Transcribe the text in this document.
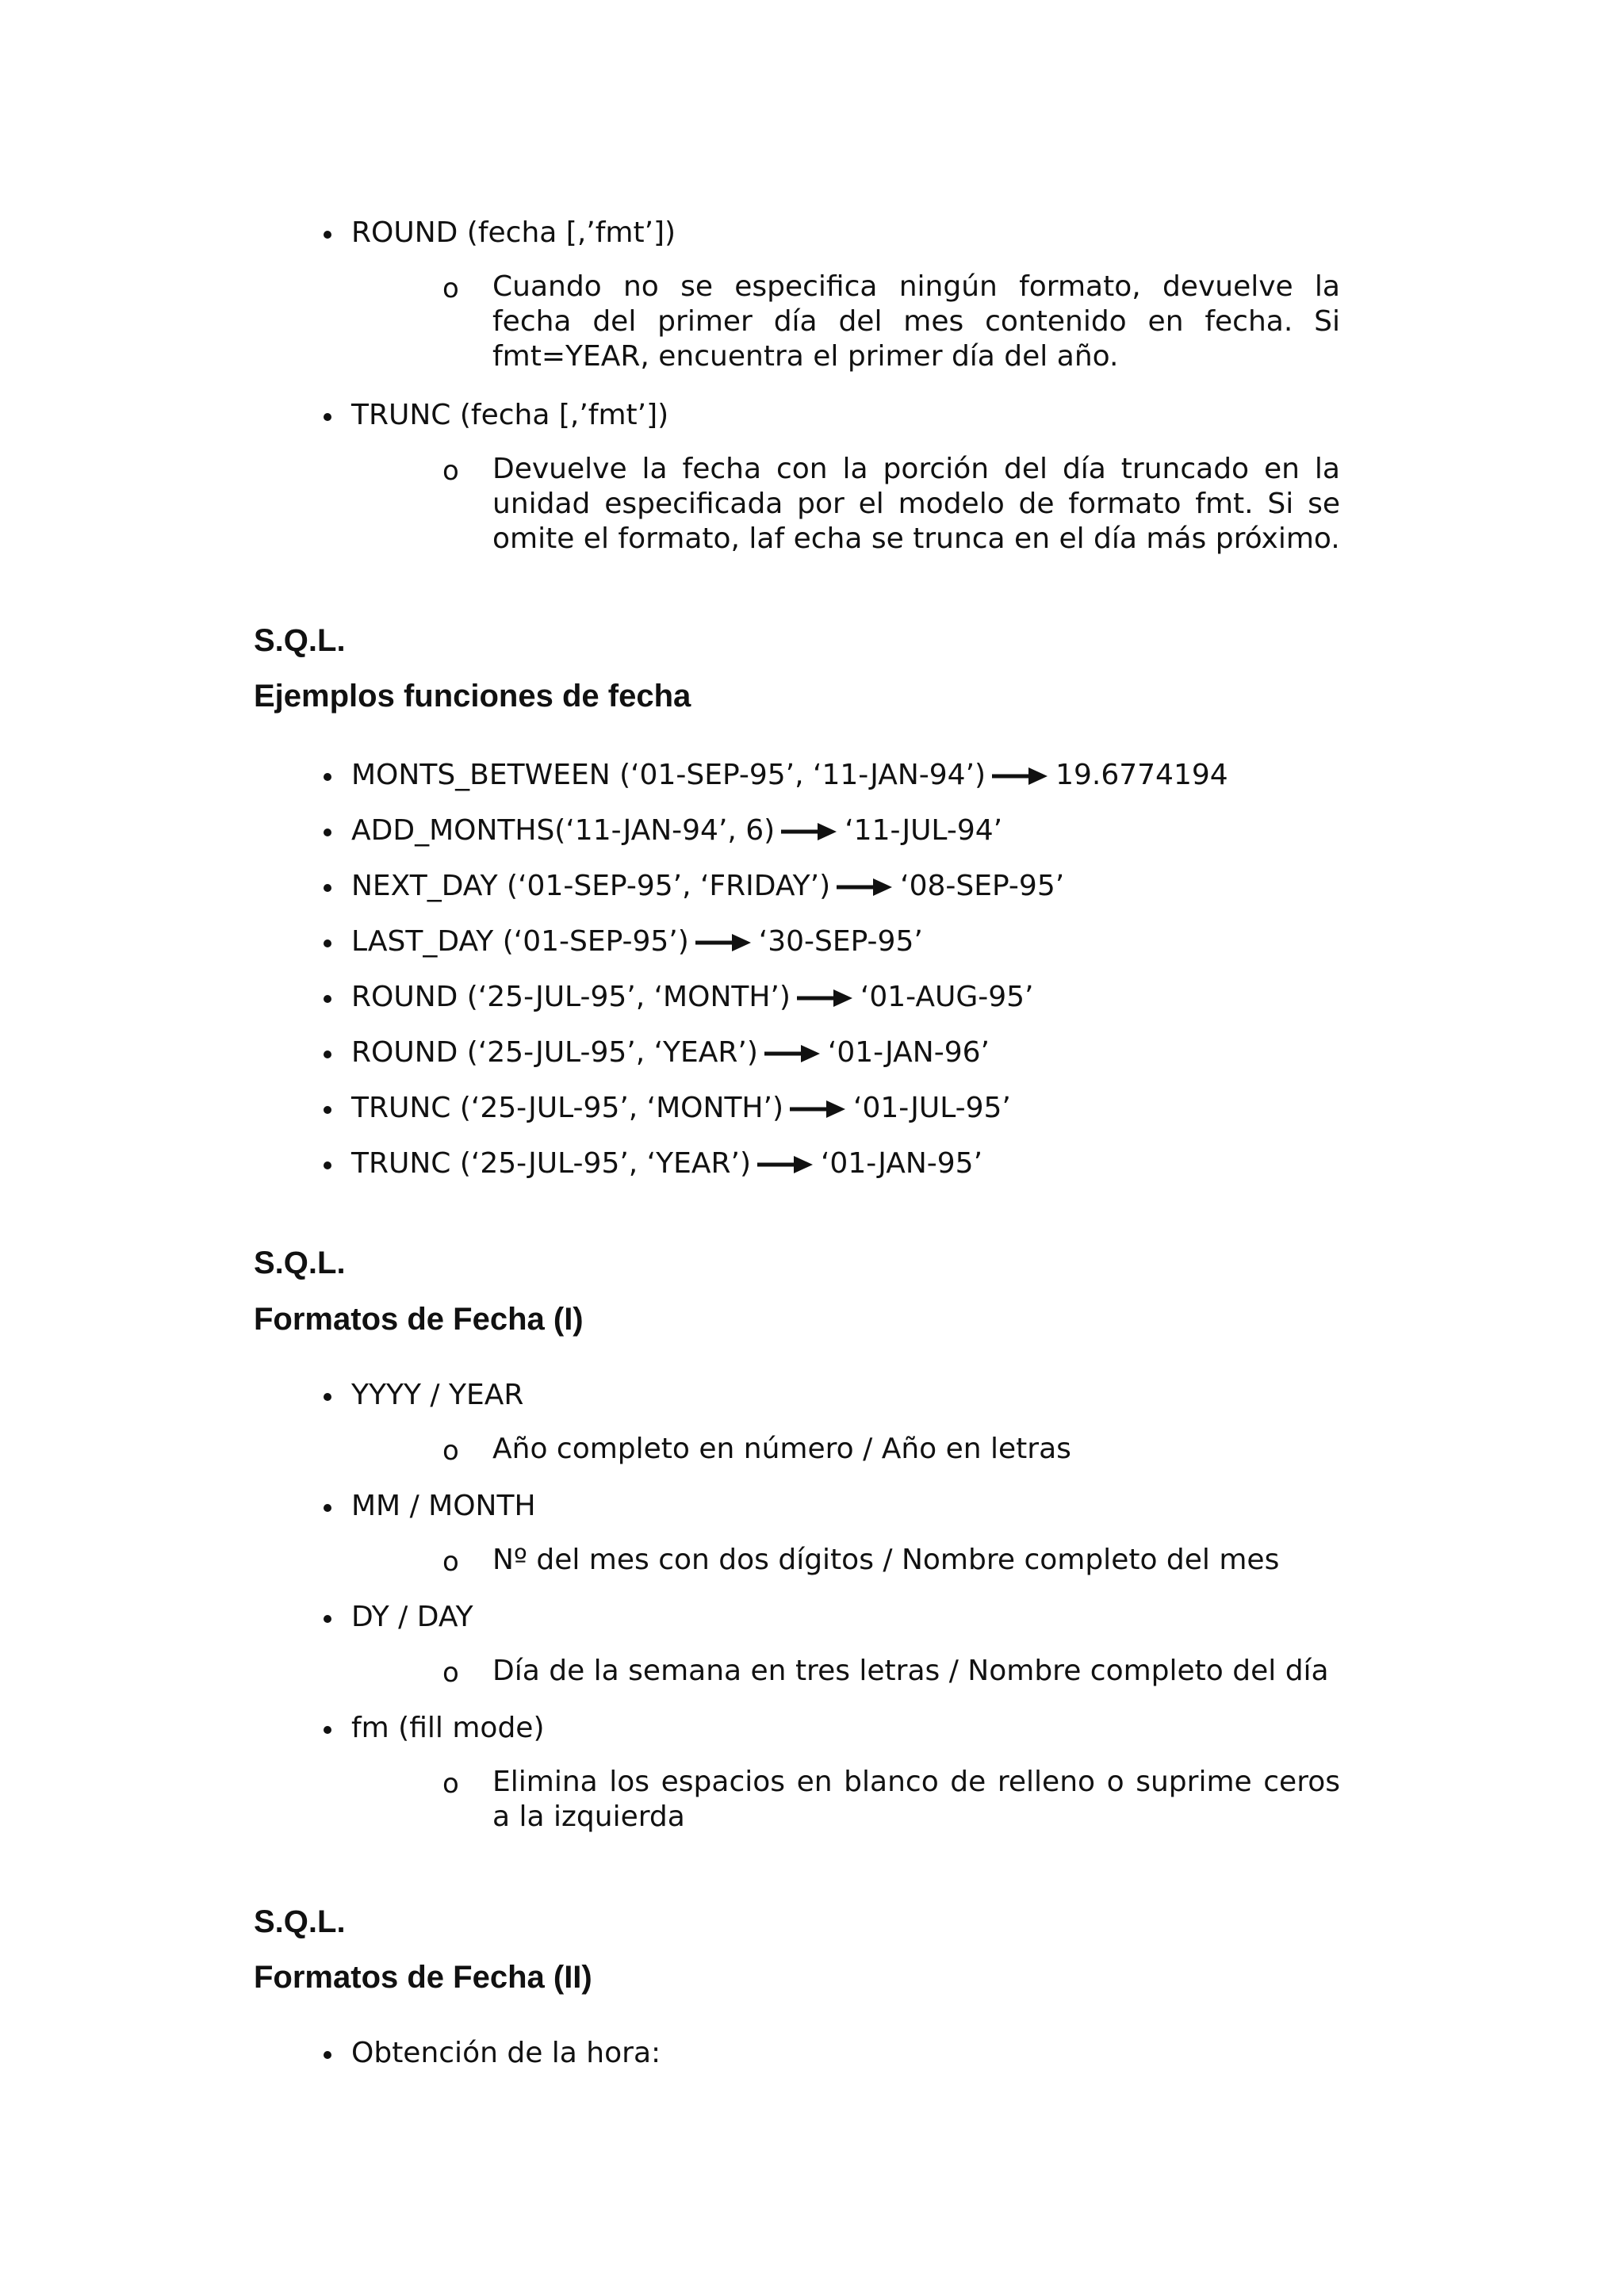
ROUND (fecha [,’fmt’])
o Cuando no se especifica ningún formato, devuelve la fecha del primer día del mes contenido en fecha. Si fmt=YEAR, encuentra el primer día del año.
TRUNC (fecha [,’fmt’])
o Devuelve la fecha con la porción del día truncado en la unidad especificada por el modelo de formato fmt. Si se omite el formato, laf echa se trunca en el día más próximo.
S.Q.L.
Ejemplos funciones de fecha
MONTS_BETWEEN (‘01-SEP-95’, ‘11-JAN-94’) 19.6774194
ADD_MONTHS(‘11-JAN-94’, 6) ‘11-JUL-94’
NEXT_DAY (‘01-SEP-95’, ‘FRIDAY’) ‘08-SEP-95’
LAST_DAY (‘01-SEP-95’) ‘30-SEP-95’
ROUND (‘25-JUL-95’, ‘MONTH’) ‘01-AUG-95’
ROUND (‘25-JUL-95’, ‘YEAR’) ‘01-JAN-96’
TRUNC (‘25-JUL-95’, ‘MONTH’) ‘01-JUL-95’
TRUNC (‘25-JUL-95’, ‘YEAR’) ‘01-JAN-95’
S.Q.L.
Formatos de Fecha (I)
YYYY / YEAR
o Año completo en número / Año en letras
MM / MONTH
o Nº del mes con dos dígitos / Nombre completo del mes
DY / DAY
o Día de la semana en tres letras / Nombre completo del día
fm (fill mode)
o Elimina los espacios en blanco de relleno o suprime ceros a la izquierda
S.Q.L.
Formatos de Fecha (II)
Obtención de la hora:
